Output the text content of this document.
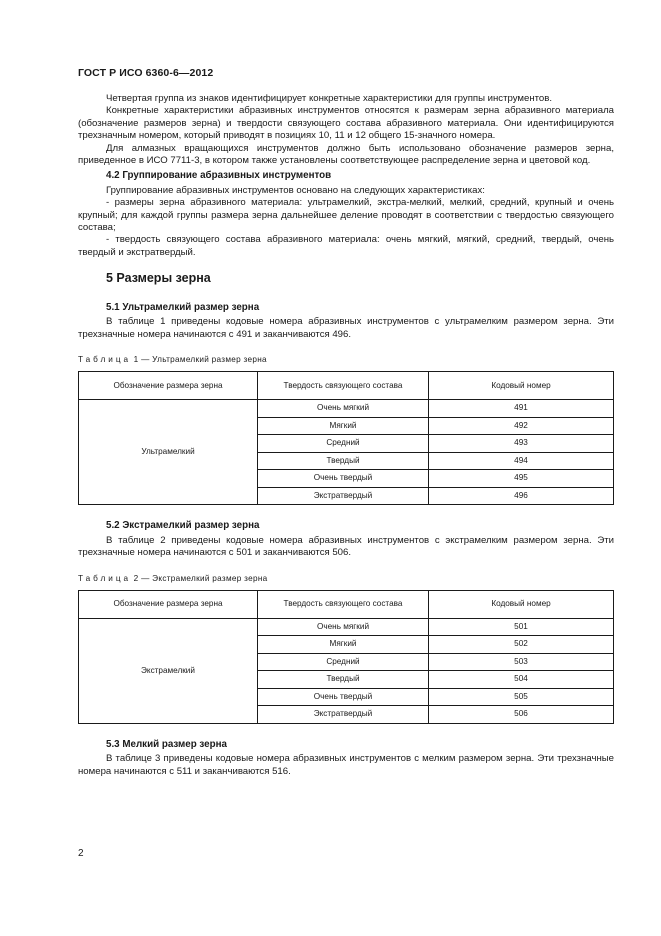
ГОСТ Р ИСО 6360-6—2012

Четвертая группа из знаков идентифицирует конкретные характеристики для группы инструментов.

Конкретные характеристики абразивных инструментов относятся к размерам зерна абразивного материала (обозначение размеров зерна) и твердости связующего состава абразивного материала. Они идентифицируются трехзначным номером, который приводят в позициях 10, 11 и 12 общего 15-значного номера.

Для алмазных вращающихся инструментов должно быть использовано обозначение размеров зерна, приведенное в ИСО 7711-3, в котором также установлены соответствующее распределение зерна и цветовой код.

4.2 Группирование абразивных инструментов

Группирование абразивных инструментов основано на следующих характеристиках:

- размеры зерна абразивного материала: ультрамелкий, экстра-мелкий, мелкий, средний, крупный и очень крупный; для каждой группы размера зерна дальнейшее деление проводят в соответствии с твердостью связующего состава;

- твердость связующего состава абразивного материала: очень мягкий, мягкий, средний, твердый, очень твердый и экстратвердый.

5 Размеры зерна
5.1 Ультрамелкий размер зерна

В таблице 1 приведены кодовые номера абразивных инструментов с ультрамелким размером зерна. Эти трехзначные номера начинаются с 491 и заканчиваются 496.

Таблица 1 — Ультрамелкий размер зерна
Обозначение размера зерна	Твердость связующего состава	Кодовый номер
Ультрамелкий	Очень мягкий	491
	Мягкий	492
	Средний	493
	Твердый	494
	Очень твердый	495
	Экстратвердый	496
5.2 Экстрамелкий размер зерна

В таблице 2 приведены кодовые номера абразивных инструментов с экстрамелким размером зерна. Эти трехзначные номера начинаются с 501 и заканчиваются 506.

Таблица 2 — Экстрамелкий размер зерна
Обозначение размера зерна	Твердость связующего состава	Кодовый номер
Экстрамелкий	Очень мягкий	501
	Мягкий	502
	Средний	503
	Твердый	504
	Очень твердый	505
	Экстратвердый	506
5.3 Мелкий размер зерна

В таблице 3 приведены кодовые номера абразивных инструментов с мелким размером зерна. Эти трехзначные номера начинаются с 511 и заканчиваются 516.

2
